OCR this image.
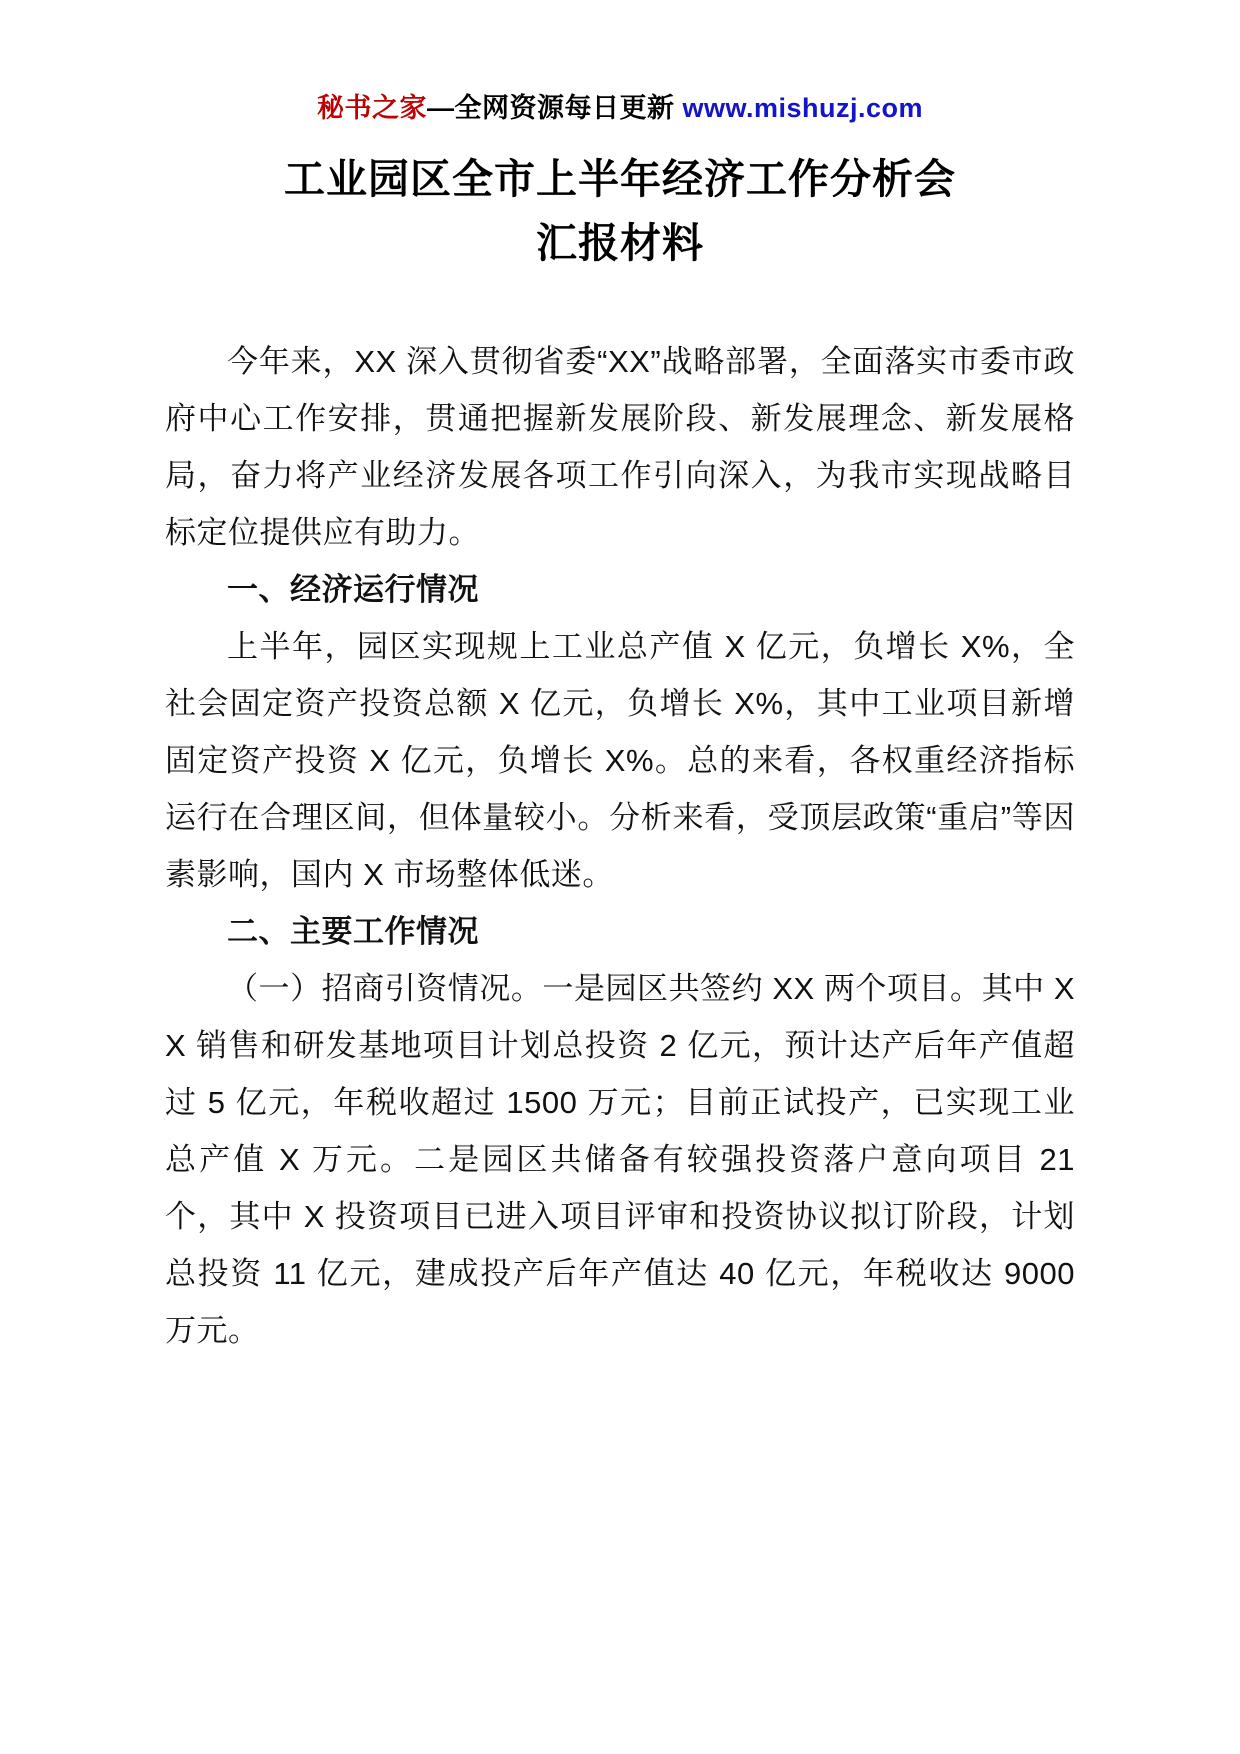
秘书之家—全网资源每日更新 www.mishuzj.com
工业园区全市上半年经济工作分析会
汇报材料

今年来，XX 深入贯彻省委“XX”战略部署，全面落实市委市政府中心工作安排，贯通把握新发展阶段、新发展理念、新发展格局，奋力将产业经济发展各项工作引向深入，为我市实现战略目标定位提供应有助力。

一、经济运行情况

上半年，园区实现规上工业总产值 X 亿元，负增长 X%，全社会固定资产投资总额 X 亿元，负增长 X%，其中工业项目新增固定资产投资 X 亿元，负增长 X%。总的来看，各权重经济指标运行在合理区间，但体量较小。分析来看，受顶层政策“重启”等因素影响，国内 X 市场整体低迷。

二、主要工作情况

（一）招商引资情况。一是园区共签约 XX 两个项目。其中 XX 销售和研发基地项目计划总投资 2 亿元，预计达产后年产值超过 5 亿元，年税收超过 1500 万元；目前正试投产，已实现工业总产值 X 万元。二是园区共储备有较强投资落户意向项目 21 个，其中 X 投资项目已进入项目评审和投资协议拟订阶段，计划总投资 11 亿元，建成投产后年产值达 40 亿元，年税收达 9000 万元。
